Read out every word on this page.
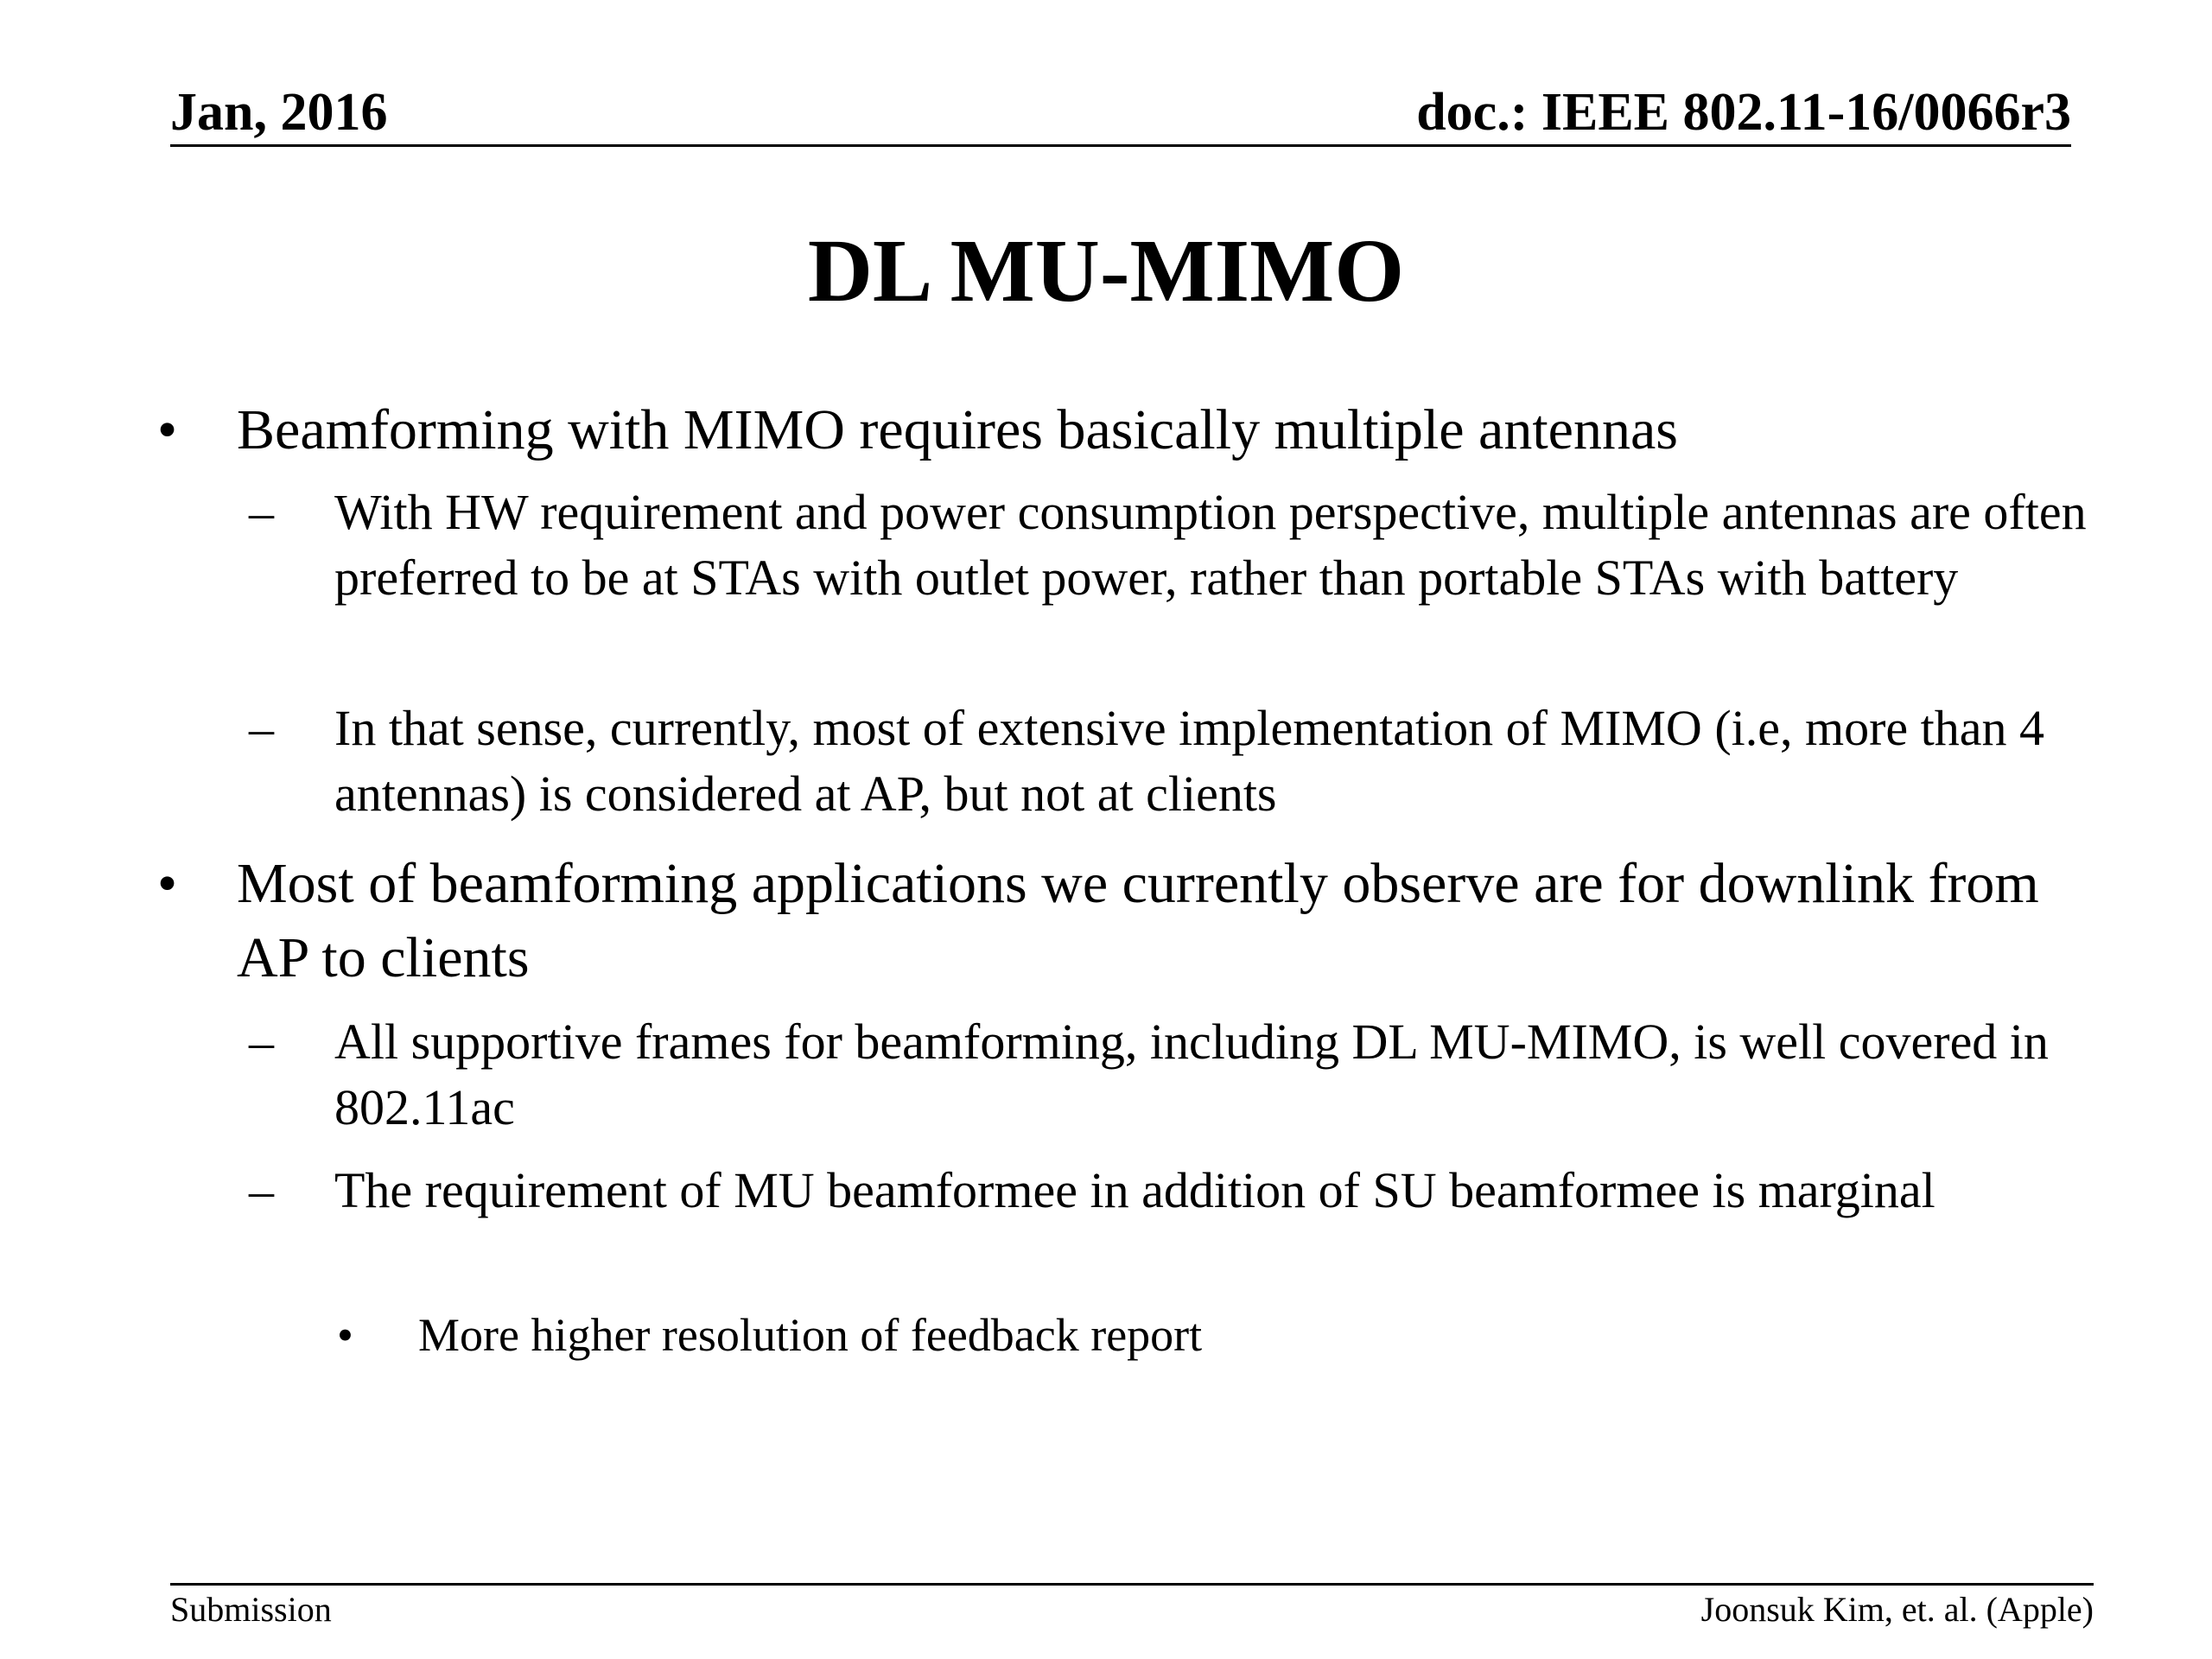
Jan, 2016	doc.: IEEE 802.11-16/0066r3
DL MU-MIMO
• Beamforming with MIMO requires basically multiple antennas
– With HW requirement and power consumption perspective, multiple antennas are often preferred to be at STAs with outlet power, rather than portable STAs with battery
– In that sense, currently, most of extensive implementation of MIMO (i.e, more than 4 antennas) is considered at AP, but not at clients
• Most of beamforming applications we currently observe are for downlink from AP to clients
– All supportive frames for beamforming, including DL MU-MIMO, is well covered in 802.11ac
– The requirement of MU beamformee in addition of SU beamformee is marginal
• More higher resolution of feedback report
Submission	Joonsuk Kim, et. al. (Apple)
